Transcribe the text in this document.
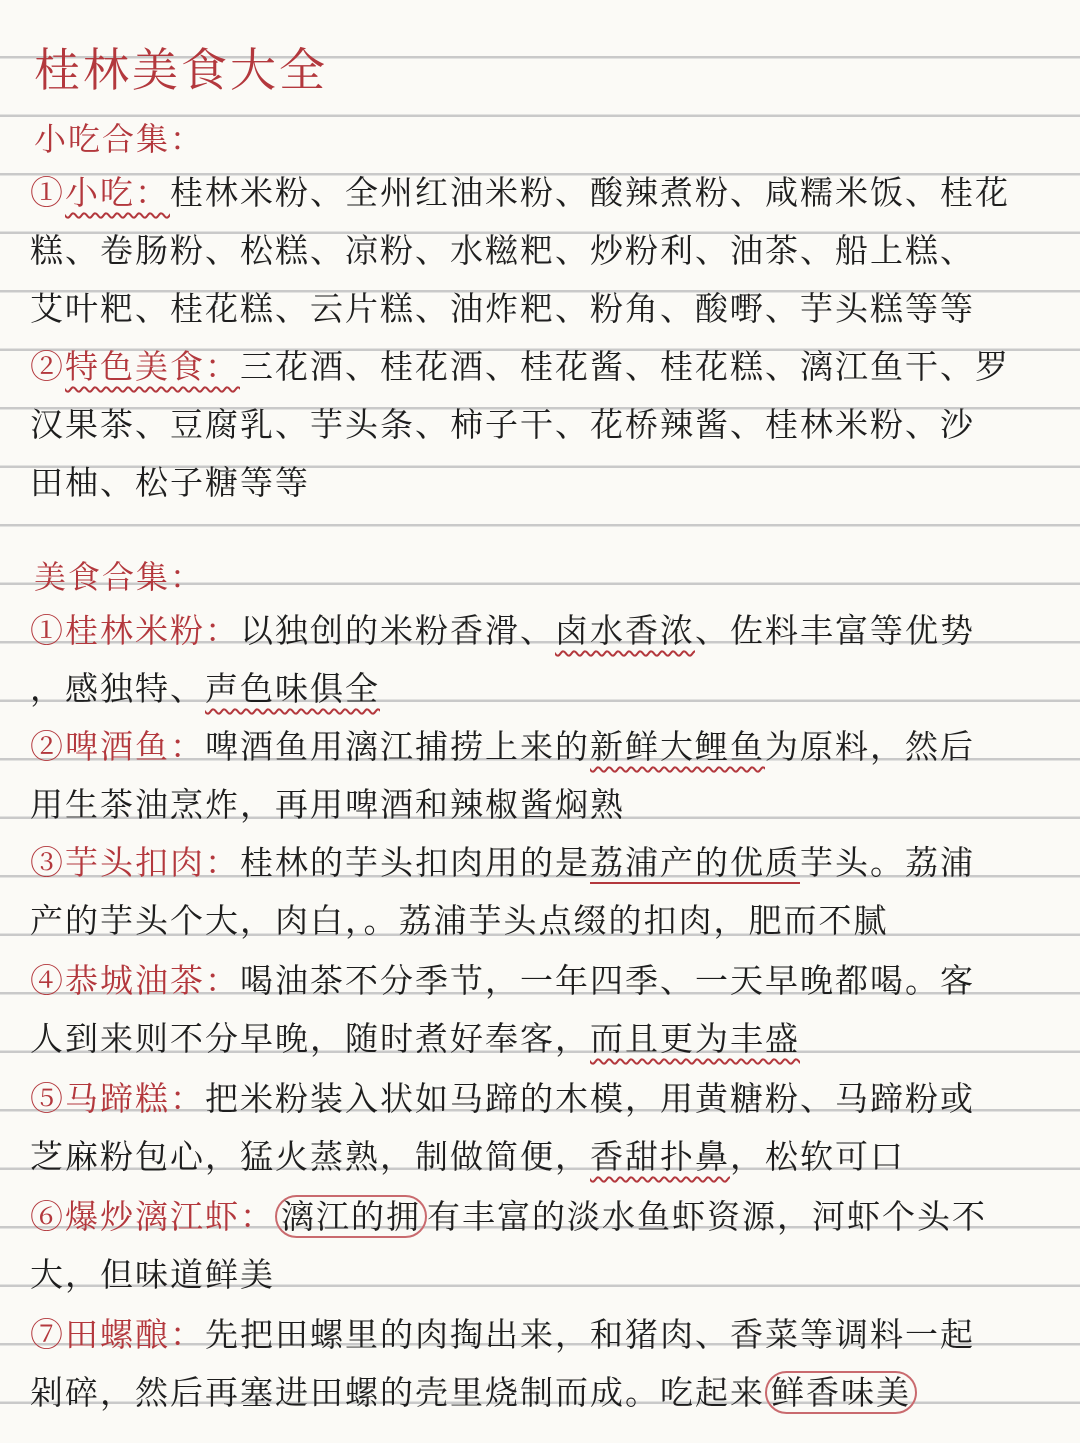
桂林美食大全
小吃合集：
①小吃：桂林米粉、全州红油米粉、酸辣煮粉、咸糯米饭、桂花
糕、卷肠粉、松糕、凉粉、水糍粑、炒粉利、油茶、船上糕、
艾叶粑、桂花糕、云片糕、油炸粑、粉角、酸嘢、芋头糕等等
②特色美食：三花酒、桂花酒、桂花酱、桂花糕、漓江鱼干、罗
汉果茶、豆腐乳、芋头条、柿子干、花桥辣酱、桂林米粉、沙
田柚、松子糖等等
美食合集：
①桂林米粉：以独创的米粉香滑、卤水香浓、佐料丰富等优势
，感独特、声色味俱全
②啤酒鱼：啤酒鱼用漓江捕捞上来的新鲜大鲤鱼为原料，然后
用生茶油烹炸，再用啤酒和辣椒酱焖熟
③芋头扣肉：桂林的芋头扣肉用的是荔浦产的优质芋头。荔浦
产的芋头个大，肉白，。荔浦芋头点缀的扣肉，肥而不腻
④恭城油茶：喝油茶不分季节，一年四季、一天早晚都喝。客
人到来则不分早晚，随时煮好奉客，而且更为丰盛
⑤马蹄糕：把米粉装入状如马蹄的木模，用黄糖粉、马蹄粉或
芝麻粉包心，猛火蒸熟，制做简便，香甜扑鼻，松软可口
⑥爆炒漓江虾： 漓江的拥 有丰富的淡水鱼虾资源，河虾个头不
大，但味道鲜美
⑦田螺酿：先把田螺里的肉掏出来，和猪肉、香菜等调料一起
剁碎，然后再塞进田螺的壳里烧制而成。吃起来 鲜香味美
